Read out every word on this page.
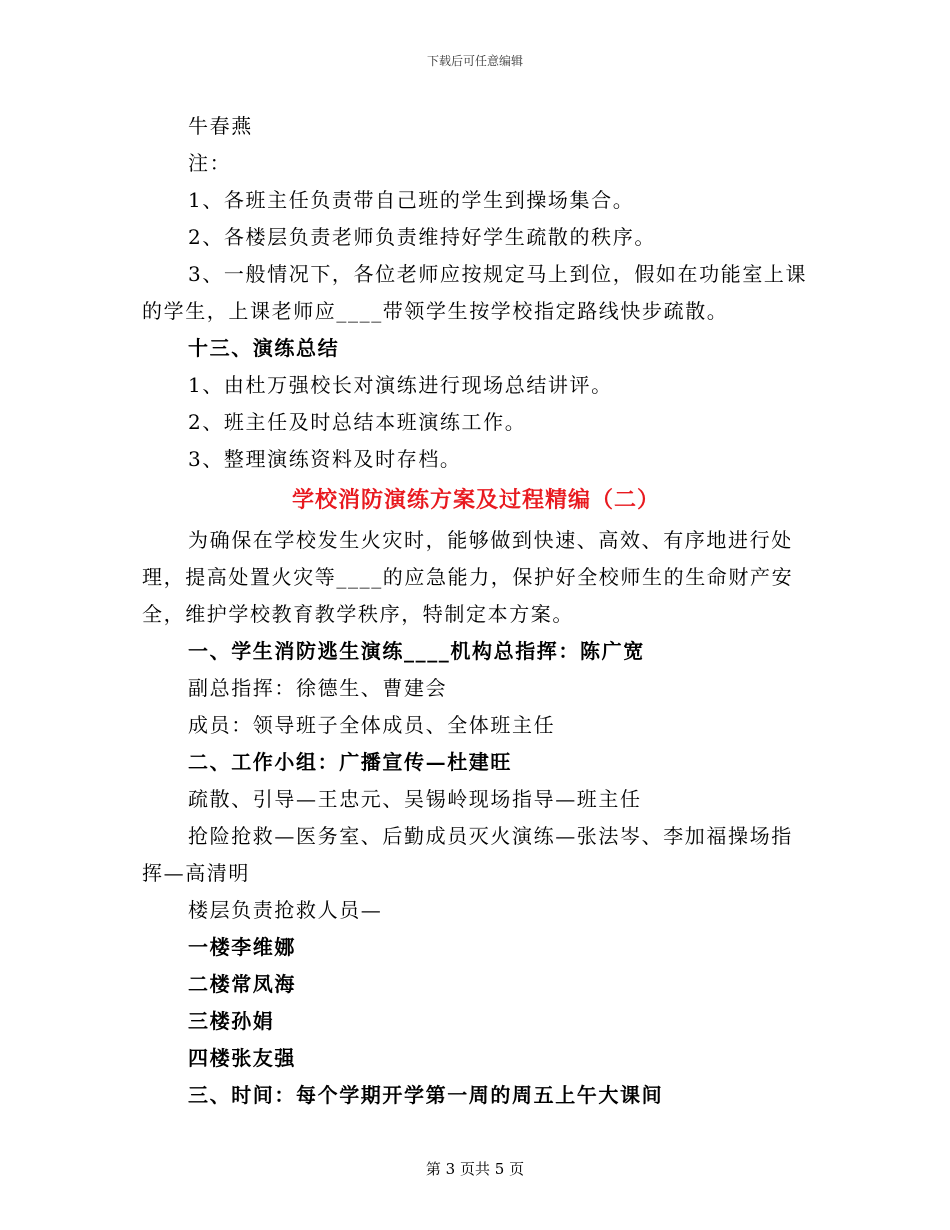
下载后可任意编辑
牛春燕
注：
1、各班主任负责带自己班的学生到操场集合。
2、各楼层负责老师负责维持好学生疏散的秩序。
3、一般情况下，各位老师应按规定马上到位，假如在功能室上课
的学生，上课老师应____带领学生按学校指定路线快步疏散。
十三、演练总结
1、由杜万强校长对演练进行现场总结讲评。
2、班主任及时总结本班演练工作。
3、整理演练资料及时存档。
学校消防演练方案及过程精编（二）
为确保在学校发生火灾时，能够做到快速、高效、有序地进行处
理，提高处置火灾等____的应急能力，保护好全校师生的生命财产安
全，维护学校教育教学秩序，特制定本方案。
一、学生消防逃生演练____机构总指挥：陈广宽
副总指挥：徐德生、曹建会
成员：领导班子全体成员、全体班主任
二、工作小组：广播宣传—杜建旺
疏散、引导—王忠元、吴锡岭现场指导—班主任
抢险抢救—医务室、后勤成员灭火演练—张法岑、李加福操场指
挥—高清明
楼层负责抢救人员—
一楼李维娜
二楼常凤海
三楼孙娟
四楼张友强
三、时间：每个学期开学第一周的周五上午大课间
第 3 页共 5 页
